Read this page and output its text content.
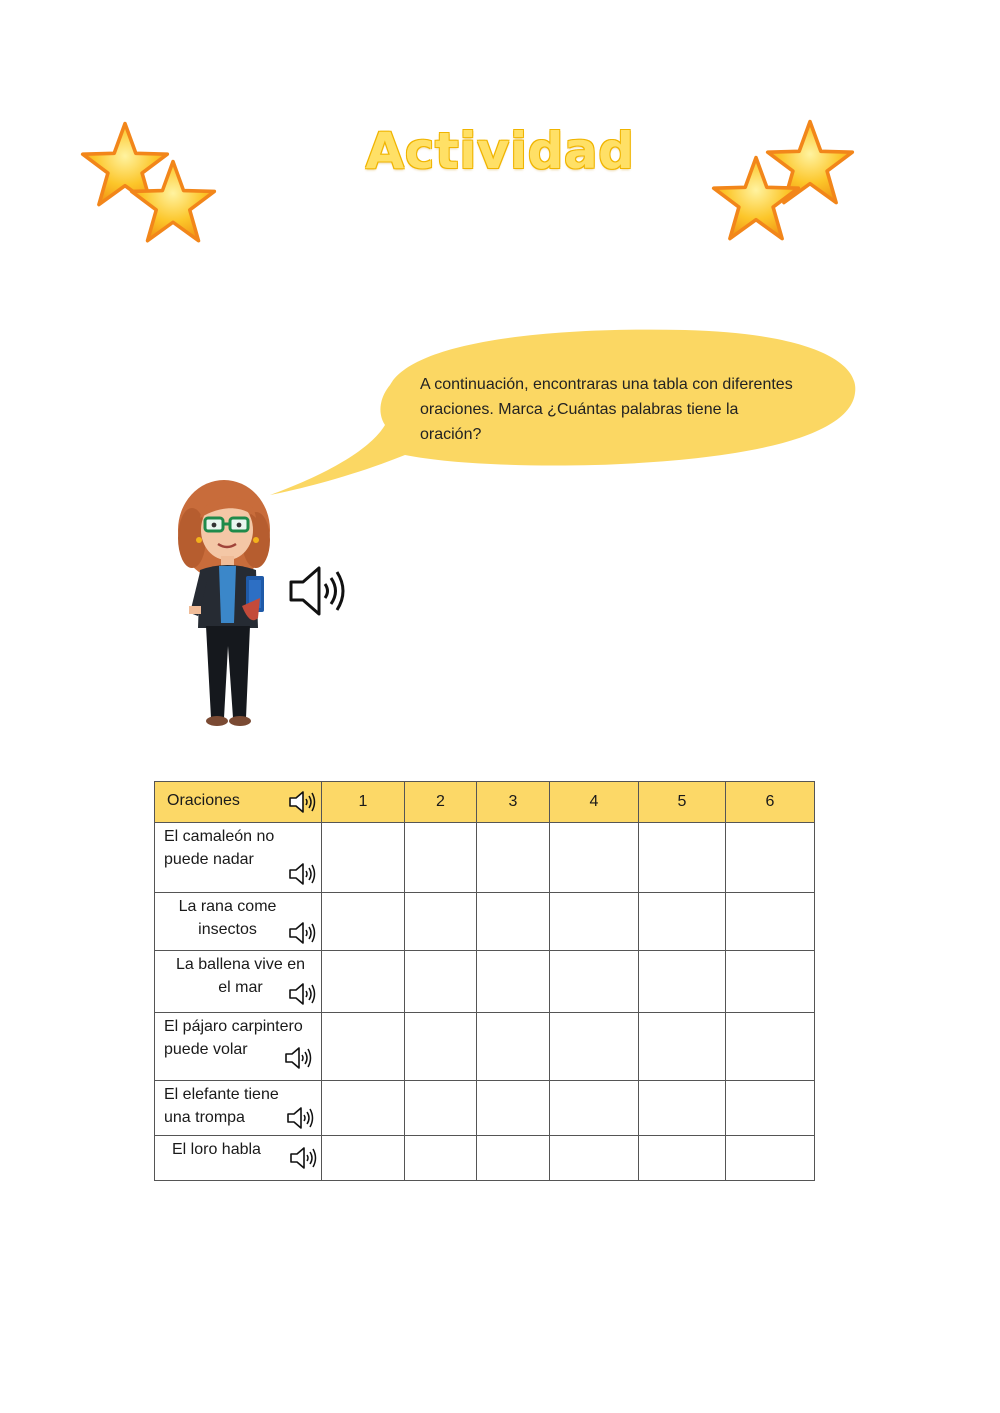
Actividad
A continuación, encontraras una tabla con diferentes oraciones. Marca ¿Cuántas palabras tiene la oración?
Oraciones	1	2	3	4	5	6

El camaleón no
puede nadar						

La rana come
insectos						

La ballena vive en
el mar						

El pájaro carpintero
puede volar						

El elefante tiene
una trompa						

El loro habla						
